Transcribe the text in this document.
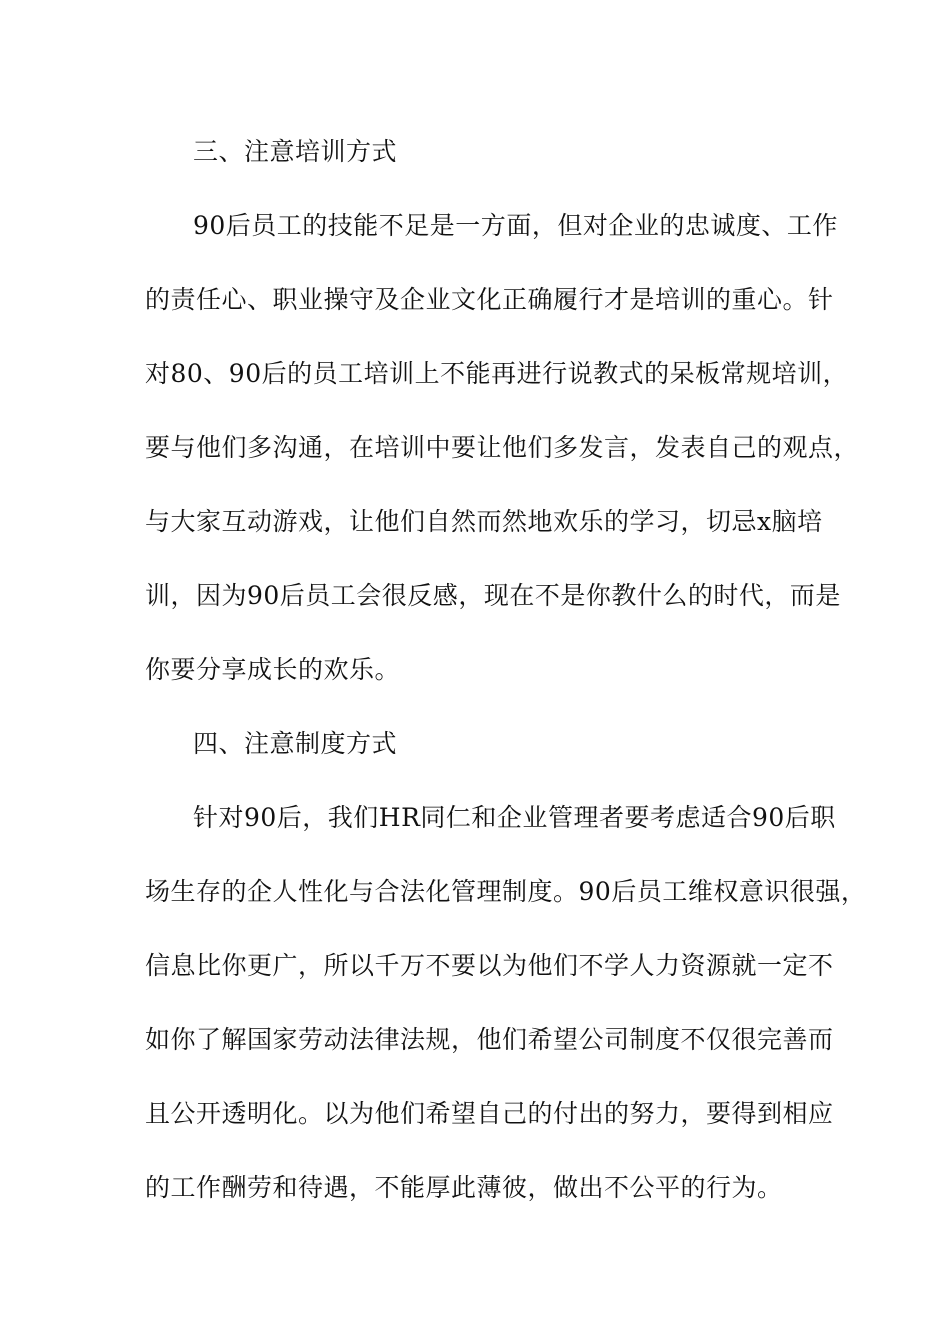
三、注意培训方式
90后员工的技能不足是一方面，但对企业的忠诚度、工作
的责任心、职业操守及企业文化正确履行才是培训的重心。针
对80、90后的员工培训上不能再进行说教式的呆板常规培训，
要与他们多沟通，在培训中要让他们多发言，发表自己的观点，
与大家互动游戏，让他们自然而然地欢乐的学习，切忌x脑培
训，因为90后员工会很反感，现在不是你教什么的时代，而是
你要分享成长的欢乐。
四、注意制度方式
针对90后，我们HR同仁和企业管理者要考虑适合90后职
场生存的企人性化与合法化管理制度。90后员工维权意识很强，
信息比你更广，所以千万不要以为他们不学人力资源就一定不
如你了解国家劳动法律法规，他们希望公司制度不仅很完善而
且公开透明化。以为他们希望自己的付出的努力，要得到相应
的工作酬劳和待遇，不能厚此薄彼，做出不公平的行为。
